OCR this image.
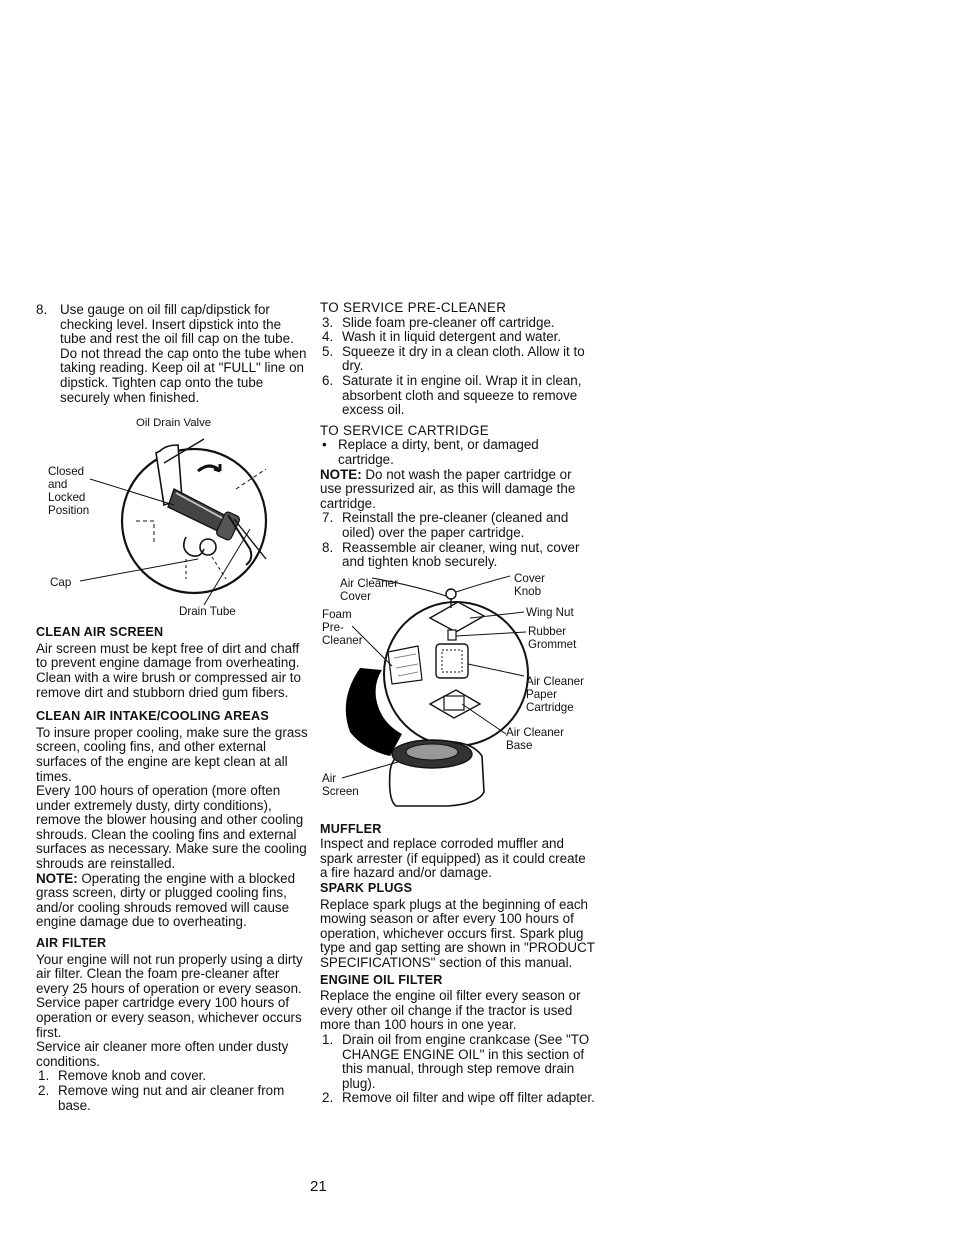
8. Use gauge on oil fill cap/dipstick for checking level. Insert dipstick into the tube and rest the oil fill cap on the tube. Do not thread the cap onto the tube when taking reading. Keep oil at "FULL" line on dipstick. Tighten cap onto the tube securely when finished.

Oil Drain Valve
Closed
and
Locked
Position
Cap
Drain Tube

CLEAN AIR SCREEN

Air screen must be kept free of dirt and chaff to prevent engine damage from overheating. Clean with a wire brush or compressed air to remove dirt and stubborn dried gum fibers.

CLEAN AIR INTAKE/COOLING AREAS

To insure proper cooling, make sure the grass screen, cooling fins, and other external surfaces of the engine are kept clean at all times.

Every 100 hours of operation (more often under extremely dusty, dirty conditions), remove the blower housing and other cooling shrouds. Clean the cooling fins and external surfaces as necessary. Make sure the cooling shrouds are reinstalled.

NOTE: Operating the engine with a blocked grass screen, dirty or plugged cooling fins, and/or cooling shrouds removed will cause engine damage due to overheating.

AIR FILTER

Your engine will not run properly using a dirty air filter. Clean the foam pre-cleaner after every 25 hours of operation or every season. Service paper cartridge every 100 hours of operation or every season, whichever occurs first.

Service air cleaner more often under dusty conditions.

1. Remove knob and cover.

2. Remove wing nut and air cleaner from base.

TO SERVICE PRE-CLEANER

3. Slide foam pre-cleaner off cartridge.

4. Wash it in liquid detergent and water.

5. Squeeze it dry in a clean cloth. Allow it to dry.

6. Saturate it in engine oil. Wrap it in clean, absorbent cloth and squeeze to remove excess oil.

TO SERVICE CARTRIDGE

• Replace a dirty, bent, or damaged cartridge.

NOTE: Do not wash the paper cartridge or use pressurized air, as this will damage the cartridge.

7. Reinstall the pre-cleaner (cleaned and oiled) over the paper cartridge.

8. Reassemble air cleaner, wing nut, cover and tighten knob securely.

Air Cleaner
Cover
Cover
Knob
Wing Nut
Foam
Pre-
Cleaner
Rubber
Grommet
Air Cleaner
Paper
Cartridge
Air Cleaner
Base
Air
Screen

MUFFLER

Inspect and replace corroded muffler and spark arrester (if equipped) as it could create a fire hazard and/or damage.

SPARK PLUGS

Replace spark plugs at the beginning of each mowing season or after every 100 hours of operation, whichever occurs first. Spark plug type and gap setting are shown in "PRODUCT SPECIFICATIONS" section of this manual.

ENGINE OIL FILTER

Replace the engine oil filter every season or every other oil change if the tractor is used more than 100 hours in one year.

1. Drain oil from engine crankcase (See "TO CHANGE ENGINE OIL" in this section of this manual, through step remove drain plug).

2. Remove oil filter and wipe off filter adapter.

21
